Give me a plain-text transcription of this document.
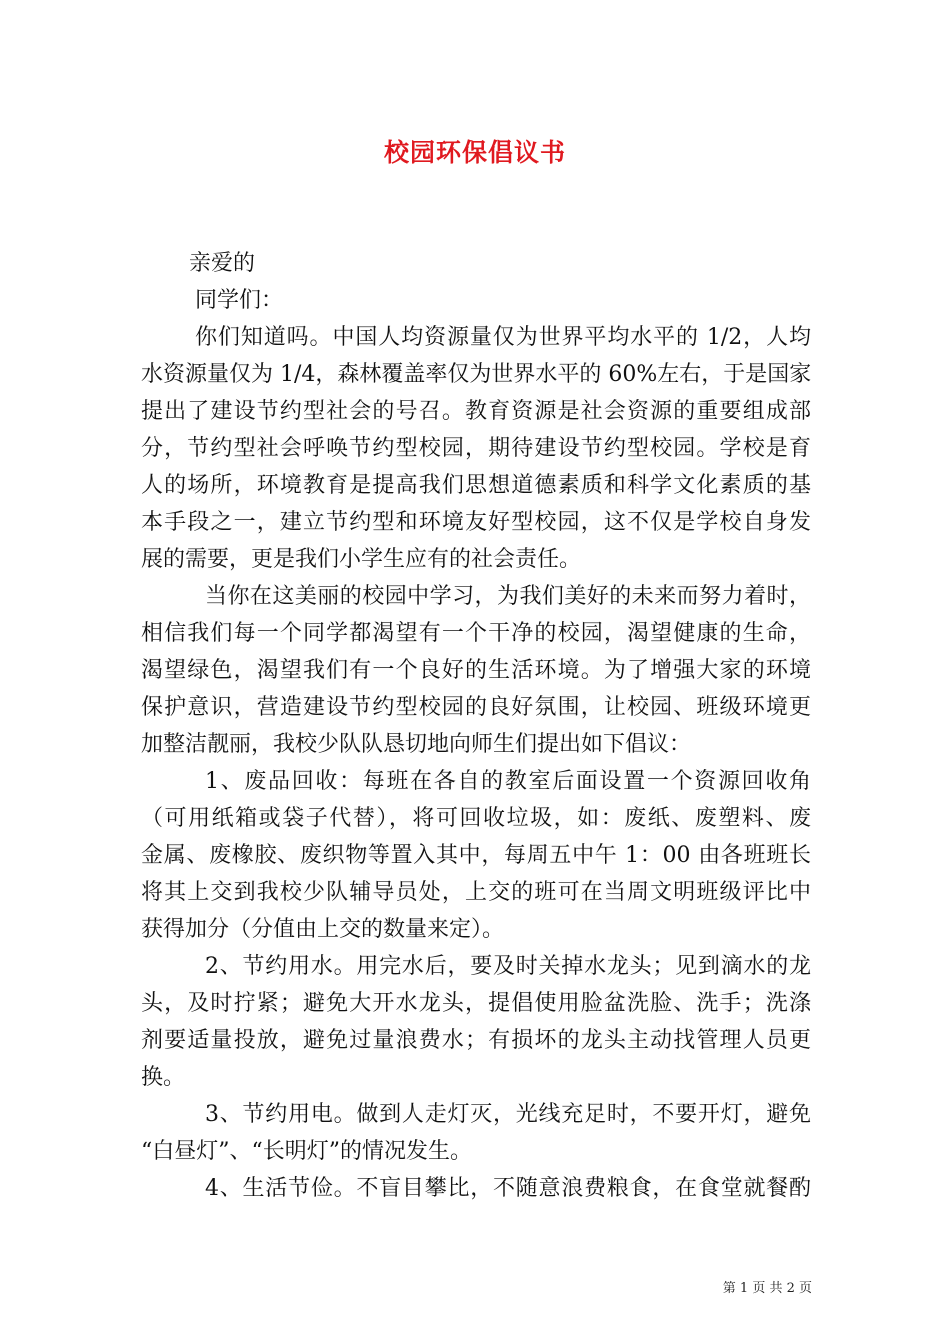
校园环保倡议书
亲爱的
同学们：
你们知道吗。中国人均资源量仅为世界平均水平的 1/2，人均
水资源量仅为 1/4，森林覆盖率仅为世界水平的 60%左右，于是国家
提出了建设节约型社会的号召。教育资源是社会资源的重要组成部
分，节约型社会呼唤节约型校园，期待建设节约型校园。学校是育
人的场所，环境教育是提高我们思想道德素质和科学文化素质的基
本手段之一，建立节约型和环境友好型校园，这不仅是学校自身发
展的需要，更是我们小学生应有的社会责任。
当你在这美丽的校园中学习，为我们美好的未来而努力着时，
相信我们每一个同学都渴望有一个干净的校园，渴望健康的生命，
渴望绿色，渴望我们有一个良好的生活环境。为了增强大家的环境
保护意识，营造建设节约型校园的良好氛围，让校园、班级环境更
加整洁靓丽，我校少队队恳切地向师生们提出如下倡议：
1、废品回收：每班在各自的教室后面设置一个资源回收角
（可用纸箱或袋子代替），将可回收垃圾，如：废纸、废塑料、废
金属、废橡胶、废织物等置入其中，每周五中午 1：00 由各班班长
将其上交到我校少队辅导员处，上交的班可在当周文明班级评比中
获得加分（分值由上交的数量来定）。
2、节约用水。用完水后，要及时关掉水龙头；见到滴水的龙
头，及时拧紧；避免大开水龙头，提倡使用脸盆洗脸、洗手；洗涤
剂要适量投放，避免过量浪费水；有损坏的龙头主动找管理人员更
换。
3、节约用电。做到人走灯灭，光线充足时，不要开灯，避免
“白昼灯”、“长明灯”的情况发生。
4、生活节俭。不盲目攀比，不随意浪费粮食，在食堂就餐酌
第 1 页 共 2 页
